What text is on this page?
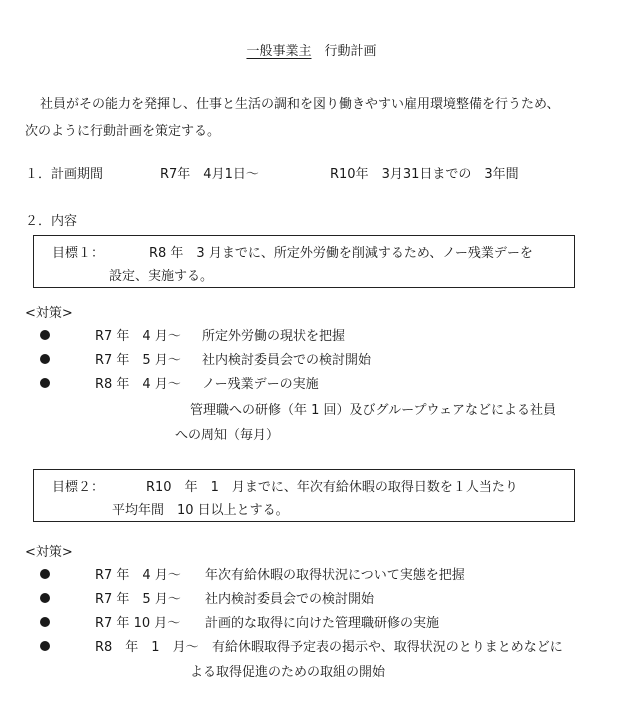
一般事業主　 行動計画
社員がその能力を発揮し、仕事と生活の調和を図り働きやすい雇用環境整備を行うため、
次のように行動計画を策定する。
１．計画期間	R7年　4月1日～	R10年　3月31日までの　3年間
２．内容
目標１：	R8 年　3 月までに、所定外労働を削減するため、ノー残業デーを
設定、実施する。
<対策>
R7 年　4 月～ 所定外労働の現状を把握
R7 年　5 月～ 社内検討委員会での検討開始
R8 年　4 月～ ノー残業デーの実施
管理職への研修（年 1 回）及びグループウェアなどによる社員
への周知（毎月）
目標２：	R10　年　1　月までに、年次有給休暇の取得日数を１人当たり
平均年間　10 日以上とする。
<対策>
R7 年　4 月～ 年次有給休暇の取得状況について実態を把握
R7 年　5 月～ 社内検討委員会での検討開始
R7 年 10 月～ 計画的な取得に向けた管理職研修の実施
R8　年　1　月～ 有給休暇取得予定表の掲示や、取得状況のとりまとめなどに
よる取得促進のための取組の開始
